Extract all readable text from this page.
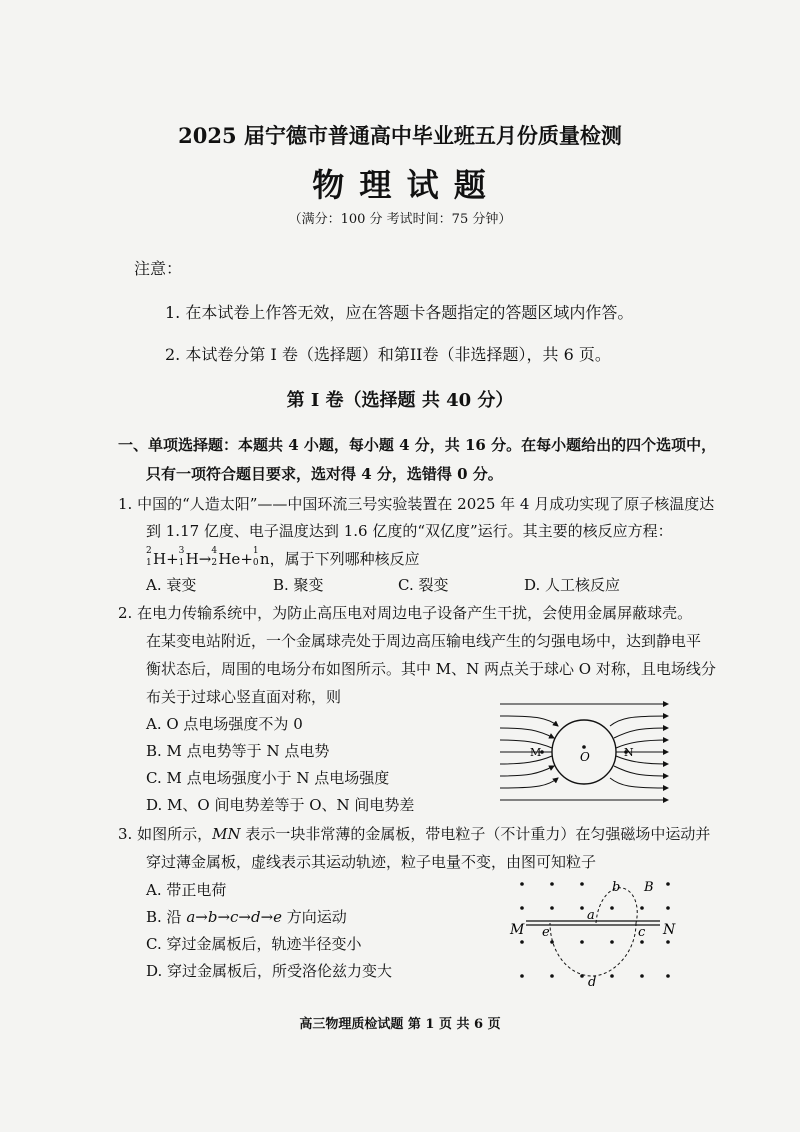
2025 届宁德市普通高中毕业班五月份质量检测
物 理 试 题
（满分：100 分 考试时间：75 分钟）
注意：
1. 在本试卷上作答无效，应在答题卡各题指定的答题区域内作答。
2. 本试卷分第 I 卷（选择题）和第II卷（非选择题），共 6 页。
第 I 卷（选择题 共 40 分）
一、单项选择题：本题共 4 小题，每小题 4 分，共 16 分。在每小题给出的四个选项中，
只有一项符合题目要求，选对得 4 分，选错得 0 分。
1. 中国的“人造太阳”——中国环流三号实验装置在 2025 年 4 月成功实现了原子核温度达
到 1.17 亿度、电子温度达到 1.6 亿度的“双亿度”运行。其主要的核反应方程：
2
1 H+ 3
1 H→ 4
2 He+ 1
0 n，属于下列哪种核反应
A. 衰变	B. 聚变	C. 裂变	D. 人工核反应
2. 在电力传输系统中，为防止高压电对周边电子设备产生干扰，会使用金属屏蔽球壳。
在某变电站附近，一个金属球壳处于周边高压输电线产生的匀强电场中，达到静电平
衡状态后，周围的电场分布如图所示。其中 M、N 两点关于球心 O 对称，且电场线分
布关于过球心竖直面对称，则
A. O 点电场强度不为 0
B. M 点电势等于 N 点电势
C. M 点电场强度小于 N 点电场强度
D. M、O 间电势差等于 O、N 间电势差
M	O	N
3. 如图所示，MN 表示一块非常薄的金属板，带电粒子（不计重力）在匀强磁场中运动并
穿过薄金属板，虚线表示其运动轨迹，粒子电量不变，由图可知粒子
A. 带正电荷
B. 沿 a→b→c→d→e 方向运动
C. 穿过金属板后，轨迹半径变小
D. 穿过金属板后，所受洛伦兹力变大
M	N
a
b
c
d
e
B
高三物理质检试题 第 1 页 共 6 页
